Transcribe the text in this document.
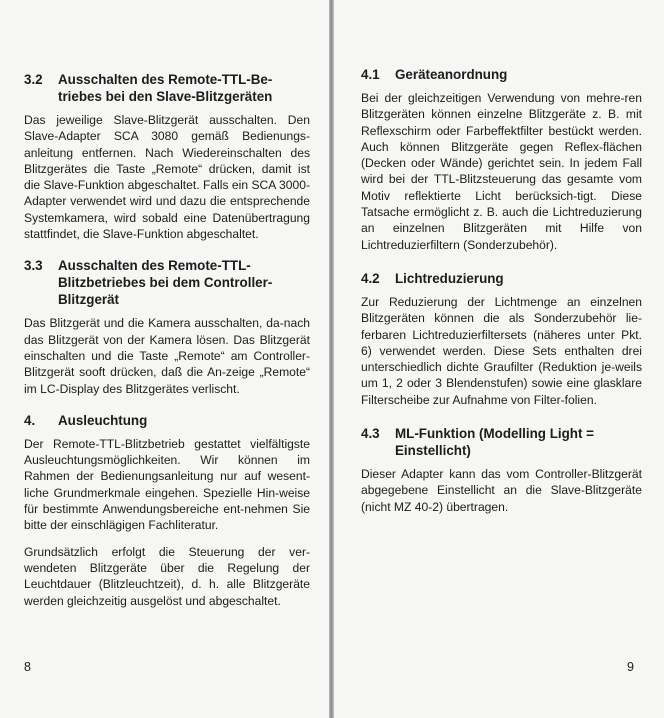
3.2	Ausschalten des Remote-TTL-Be-triebes bei den Slave-Blitzgeräten

Das jeweilige Slave-Blitzgerät ausschalten. Den Slave-Adapter SCA 3080 gemäß Bedienungs-anleitung entfernen. Nach Wiedereinschalten des Blitzgerätes die Taste „Remote“ drücken, damit ist die Slave-Funktion abgeschaltet. Falls ein SCA 3000-Adapter verwendet wird und dazu die entsprechende Systemkamera, wird sobald eine Datenübertragung stattfindet, die Slave-Funktion abgeschaltet.

3.3	Ausschalten des Remote-TTL-Blitzbetriebes bei dem Controller-Blitzgerät

Das Blitzgerät und die Kamera ausschalten, da-nach das Blitzgerät von der Kamera lösen. Das Blitzgerät einschalten und die Taste „Remote“ am Controller-Blitzgerät sooft drücken, daß die An-zeige „Remote“ im LC-Display des Blitzgerätes verlischt.

4.	Ausleuchtung

Der Remote-TTL-Blitzbetrieb gestattet vielfältigste Ausleuchtungsmöglichkeiten. Wir können im Rahmen der Bedienungsanleitung nur auf wesent-liche Grundmerkmale eingehen. Spezielle Hin-weise für bestimmte Anwendungsbereiche ent-nehmen Sie bitte der einschlägigen Fachliteratur.

Grundsätzlich erfolgt die Steuerung der ver-wendeten Blitzgeräte über die Regelung der Leuchtdauer (Blitzleuchtzeit), d. h. alle Blitzgeräte werden gleichzeitig ausgelöst und abgeschaltet.

8
4.1	Geräteanordnung

Bei der gleichzeitigen Verwendung von mehre-ren Blitzgeräten können einzelne Blitzgeräte z. B. mit Reflexschirm oder Farbeffektfilter bestückt werden. Auch können Blitzgeräte gegen Reflex-flächen (Decken oder Wände) gerichtet sein. In jedem Fall wird bei der TTL-Blitzsteuerung das gesamte vom Motiv reflektierte Licht berücksich-tigt. Diese Tatsache ermöglicht z. B. auch die Lichtreduzierung an einzelnen Blitzgeräten mit Hilfe von Lichtreduzierfiltern (Sonderzubehör).

4.2	Lichtreduzierung

Zur Reduzierung der Lichtmenge an einzelnen Blitzgeräten können die als Sonderzubehör lie-ferbaren Lichtreduzierfiltersets (näheres unter Pkt. 6) verwendet werden. Diese Sets enthalten drei unterschiedlich dichte Graufilter (Reduktion je-weils um 1, 2 oder 3 Blendenstufen) sowie eine glasklare Filterscheibe zur Aufnahme von Filter-folien.

4.3	ML-Funktion (Modelling Light = Einstellicht)

Dieser Adapter kann das vom Controller-Blitzgerät abgegebene Einstellicht an die Slave-Blitzgeräte (nicht MZ 40-2) übertragen.

9
